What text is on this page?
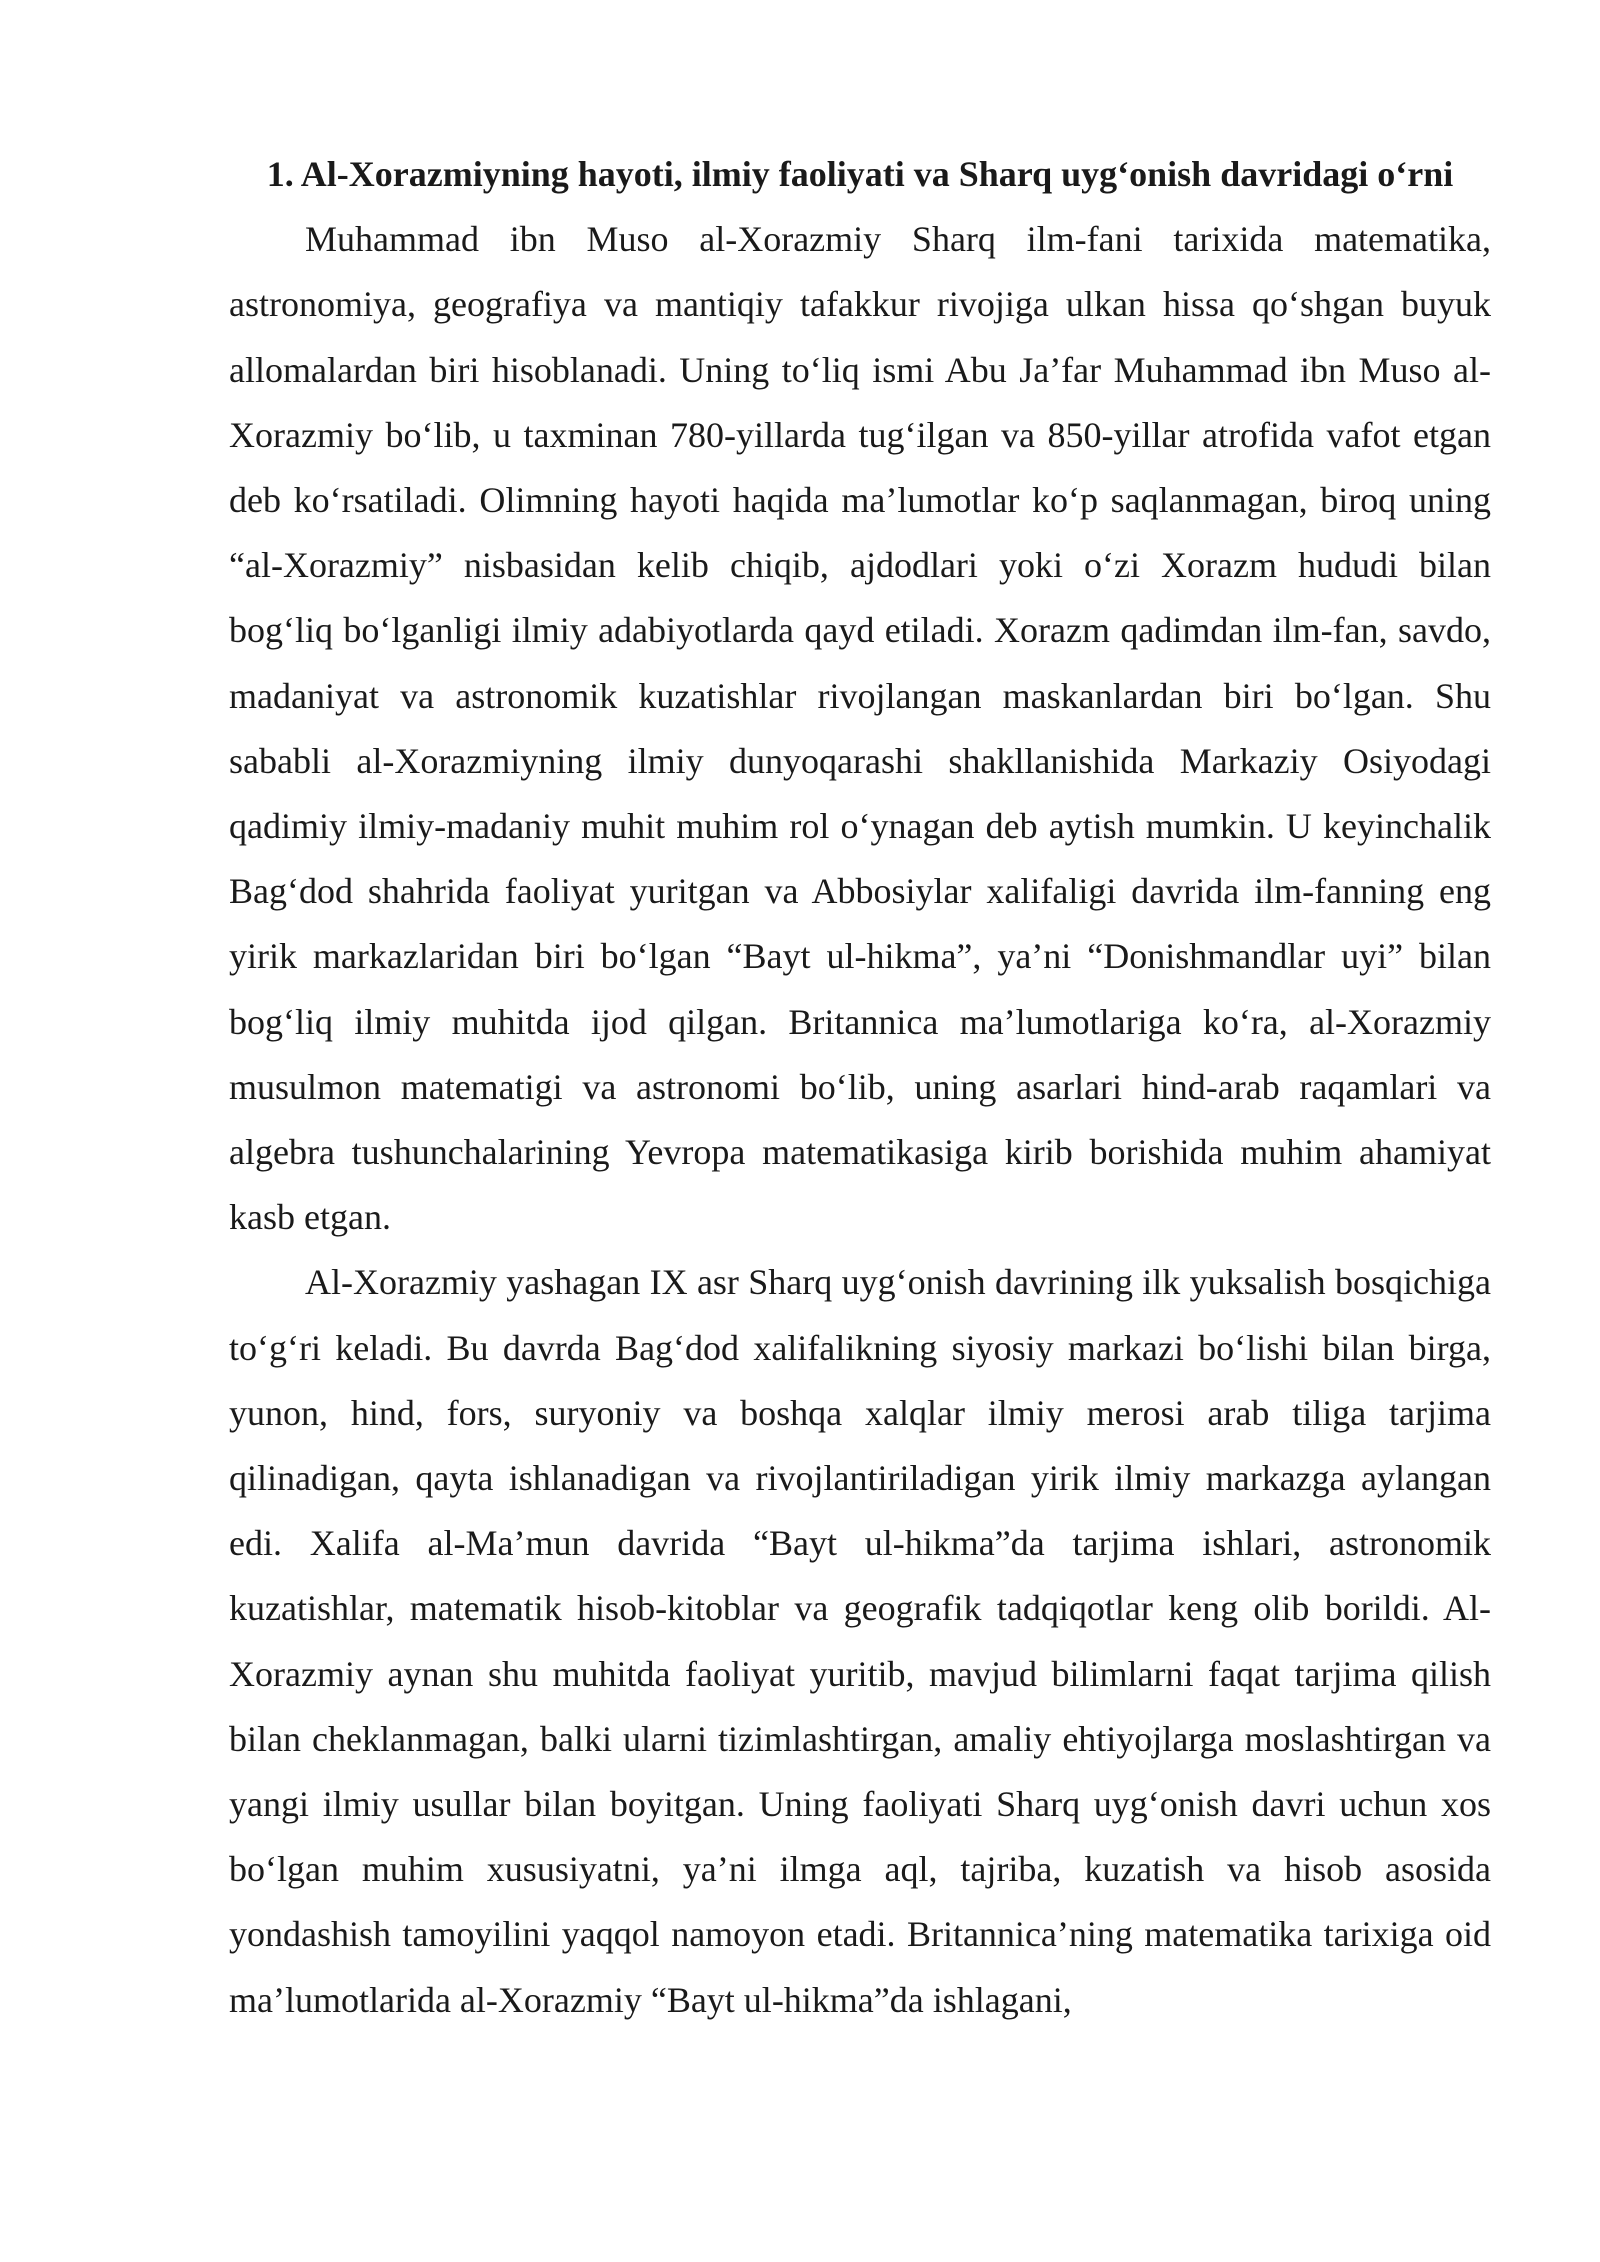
1. Al-Xorazmiyning hayoti, ilmiy faoliyati va Sharq uyg‘onish davridagi o‘rni

Muhammad ibn Muso al-Xorazmiy Sharq ilm-fani tarixida matematika, astronomiya, geografiya va mantiqiy tafakkur rivojiga ulkan hissa qo‘shgan buyuk allomalardan biri hisoblanadi. Uning to‘liq ismi Abu Ja’far Muhammad ibn Muso al-Xorazmiy bo‘lib, u taxminan 780-yillarda tug‘ilgan va 850-yillar atrofida vafot etgan deb ko‘rsatiladi. Olimning hayoti haqida ma’lumotlar ko‘p saqlanmagan, biroq uning “al-Xorazmiy” nisbasidan kelib chiqib, ajdodlari yoki o‘zi Xorazm hududi bilan bog‘liq bo‘lganligi ilmiy adabiyotlarda qayd etiladi. Xorazm qadimdan ilm-fan, savdo, madaniyat va astronomik kuzatishlar rivojlangan maskanlardan biri bo‘lgan. Shu sababli al-Xorazmiyning ilmiy dunyoqarashi shakllanishida Markaziy Osiyodagi qadimiy ilmiy-madaniy muhit muhim rol o‘ynagan deb aytish mumkin. U keyinchalik Bag‘dod shahrida faoliyat yuritgan va Abbosiylar xalifaligi davrida ilm-fanning eng yirik markazlaridan biri bo‘lgan “Bayt ul-hikma”, ya’ni “Donishmandlar uyi” bilan bog‘liq ilmiy muhitda ijod qilgan. Britannica ma’lumotlariga ko‘ra, al-Xorazmiy musulmon matematigi va astronomi bo‘lib, uning asarlari hind-arab raqamlari va algebra tushunchalarining Yevropa matematikasiga kirib borishida muhim ahamiyat kasb etgan.

Al-Xorazmiy yashagan IX asr Sharq uyg‘onish davrining ilk yuksalish bosqichiga to‘g‘ri keladi. Bu davrda Bag‘dod xalifalikning siyosiy markazi bo‘lishi bilan birga, yunon, hind, fors, suryoniy va boshqa xalqlar ilmiy merosi arab tiliga tarjima qilinadigan, qayta ishlanadigan va rivojlantiriladigan yirik ilmiy markazga aylangan edi. Xalifa al-Ma’mun davrida “Bayt ul-hikma”da tarjima ishlari, astronomik kuzatishlar, matematik hisob-kitoblar va geografik tadqiqotlar keng olib borildi. Al-Xorazmiy aynan shu muhitda faoliyat yuritib, mavjud bilimlarni faqat tarjima qilish bilan cheklanmagan, balki ularni tizimlashtirgan, amaliy ehtiyojlarga moslashtirgan va yangi ilmiy usullar bilan boyitgan. Uning faoliyati Sharq uyg‘onish davri uchun xos bo‘lgan muhim xususiyatni, ya’ni ilmga aql, tajriba, kuzatish va hisob asosida yondashish tamoyilini yaqqol namoyon etadi. Britannica’ning matematika tarixiga oid ma’lumotlarida al-Xorazmiy “Bayt ul-hikma”da ishlagani,
